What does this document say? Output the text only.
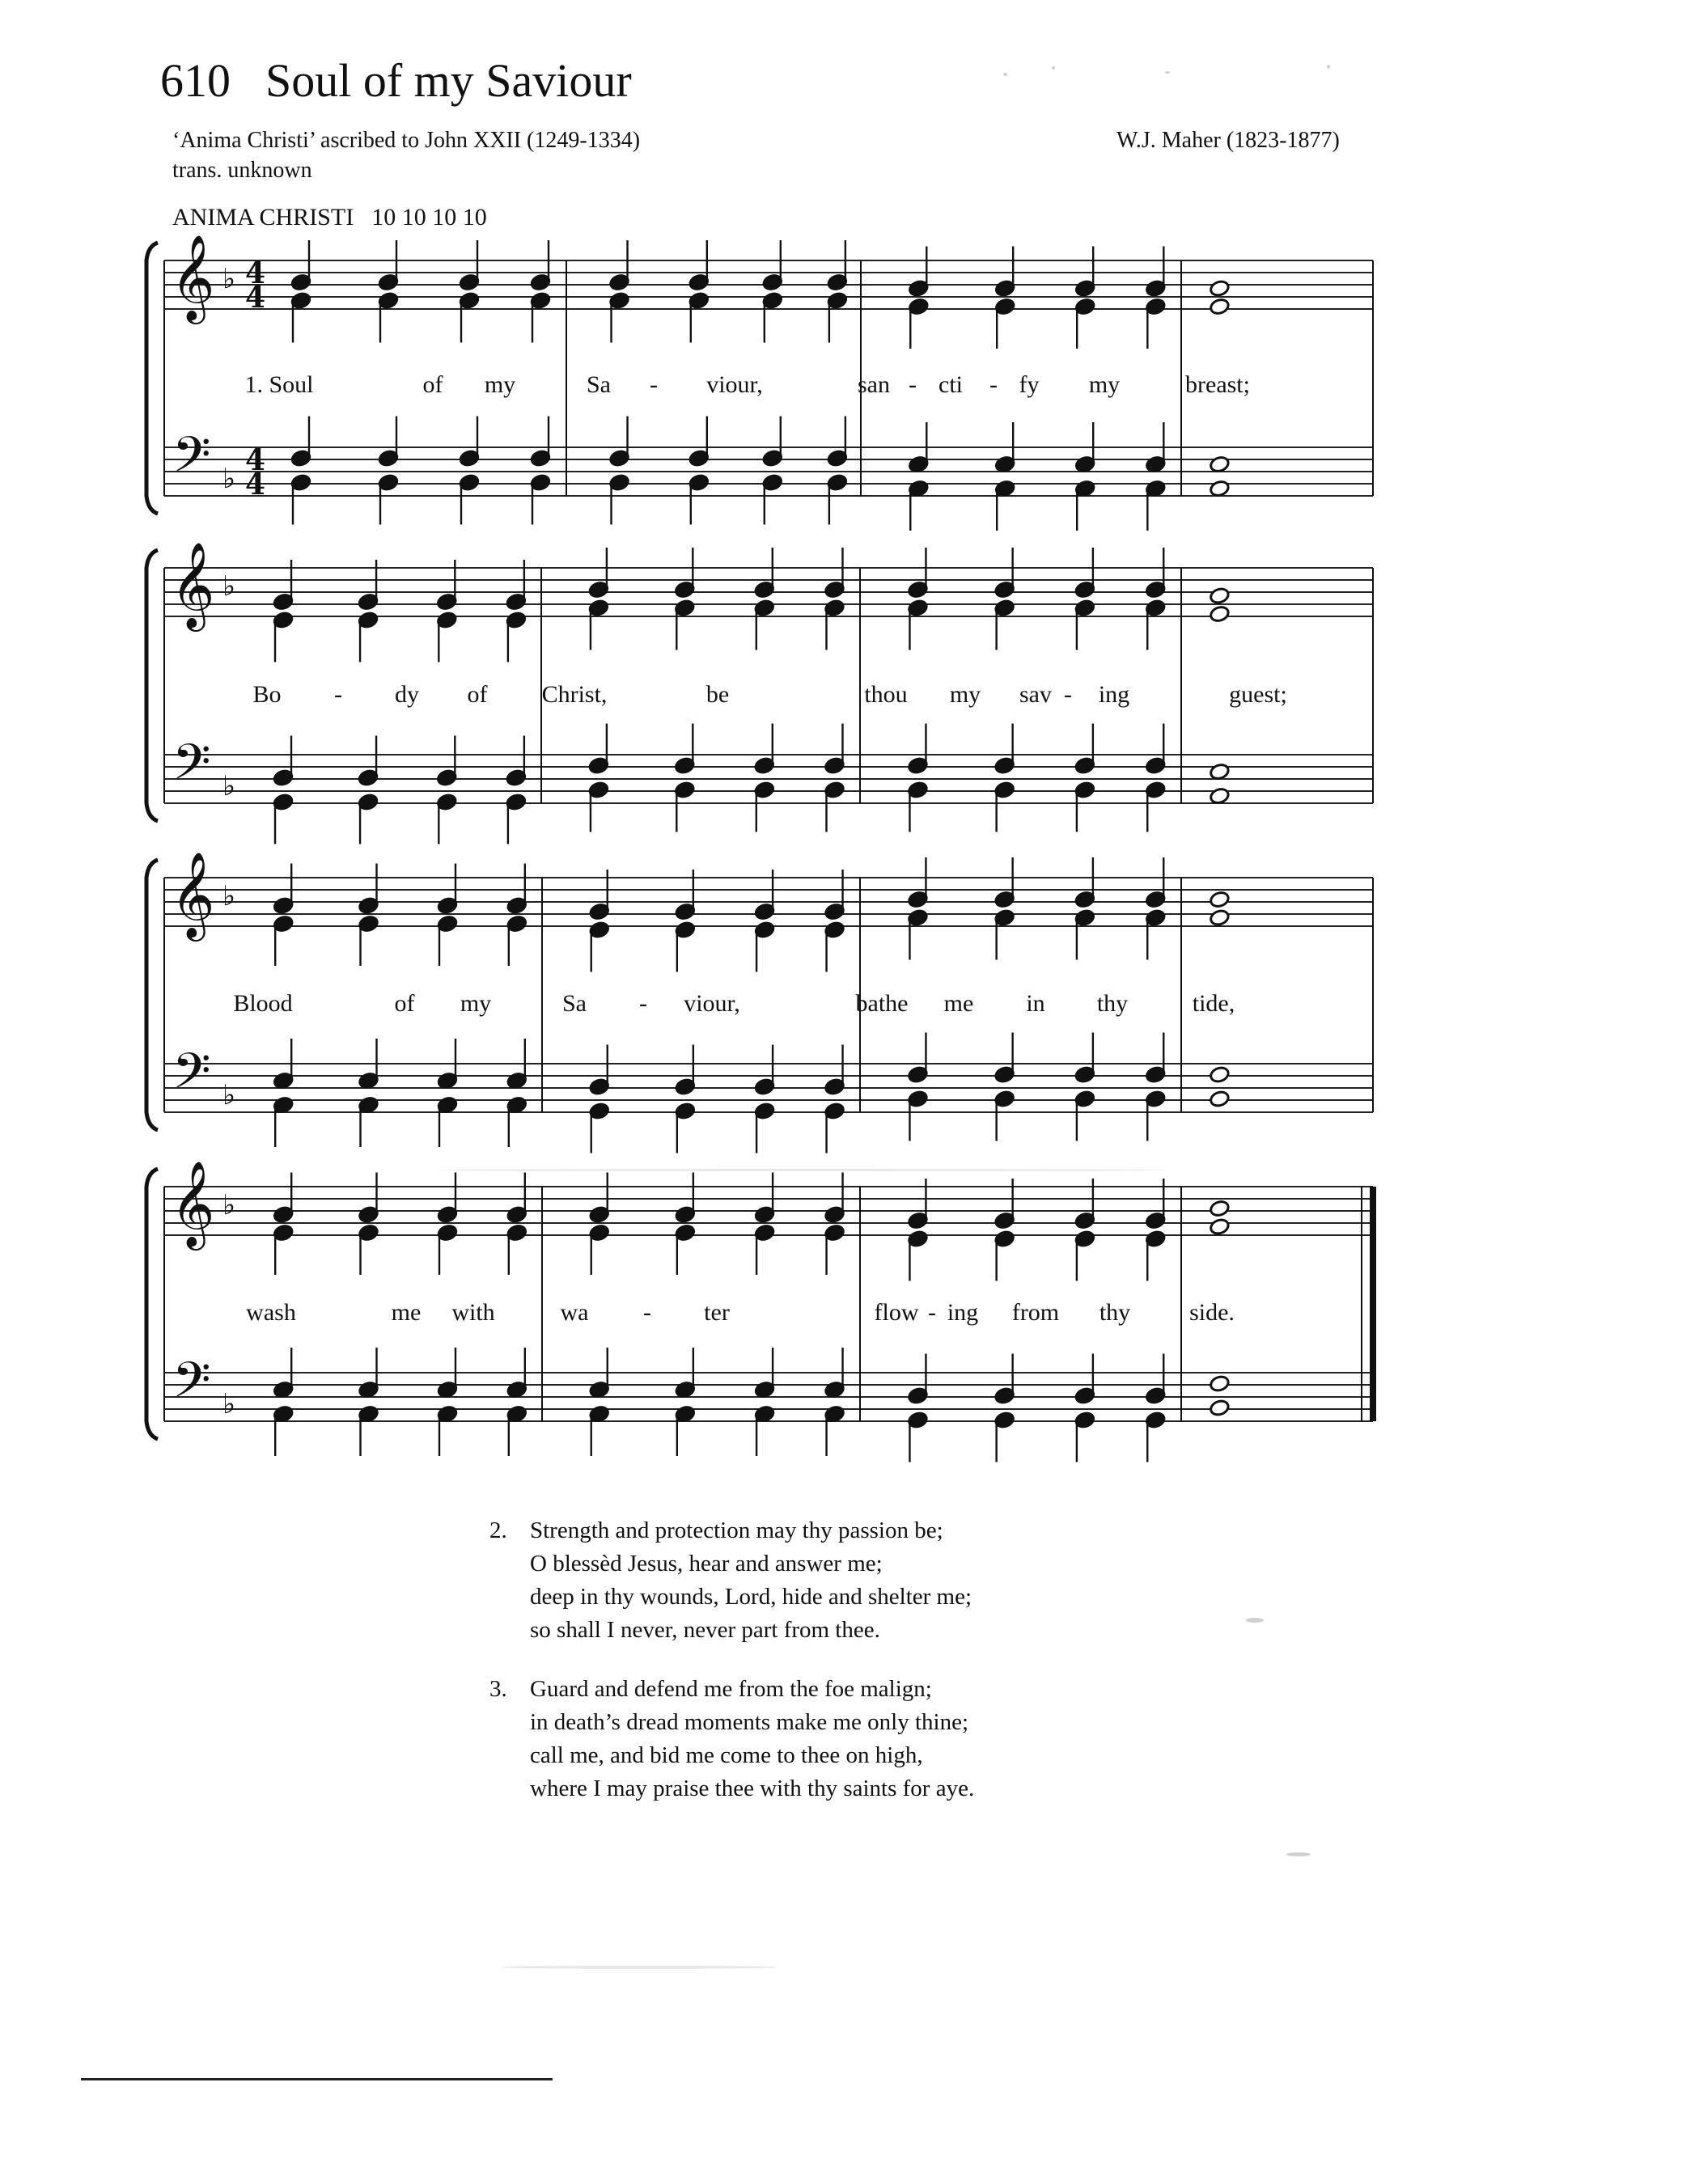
610 Soul of my Saviour
‘Anima Christi’ ascribed to John XXII (1249-1334)
trans. unknown
W.J. Maher (1823-1877)
ANIMA CHRISTI 10 10 10 10
𝄞
𝄢
♭
♭
4
4
4
4
1. Soul	of my	Sa - viour,	san - cti - fy my	breast;
𝄞
𝄢
♭
♭
Bo - dy of Christ,	be	thou my sav - ing	guest;
𝄞
𝄢
♭
♭
Blood	of my	Sa - viour,	bathe me in thy	tide,
𝄞
𝄢
♭
♭
wash	me with	wa - ter	flow - ing from thy side.
2. Strength and protection may thy passion be;
O blessèd Jesus, hear and answer me;
deep in thy wounds, Lord, hide and shelter me;
so shall I never, never part from thee.
3. Guard and defend me from the foe malign;
in death’s dread moments make me only thine;
call me, and bid me come to thee on high,
where I may praise thee with thy saints for aye.
